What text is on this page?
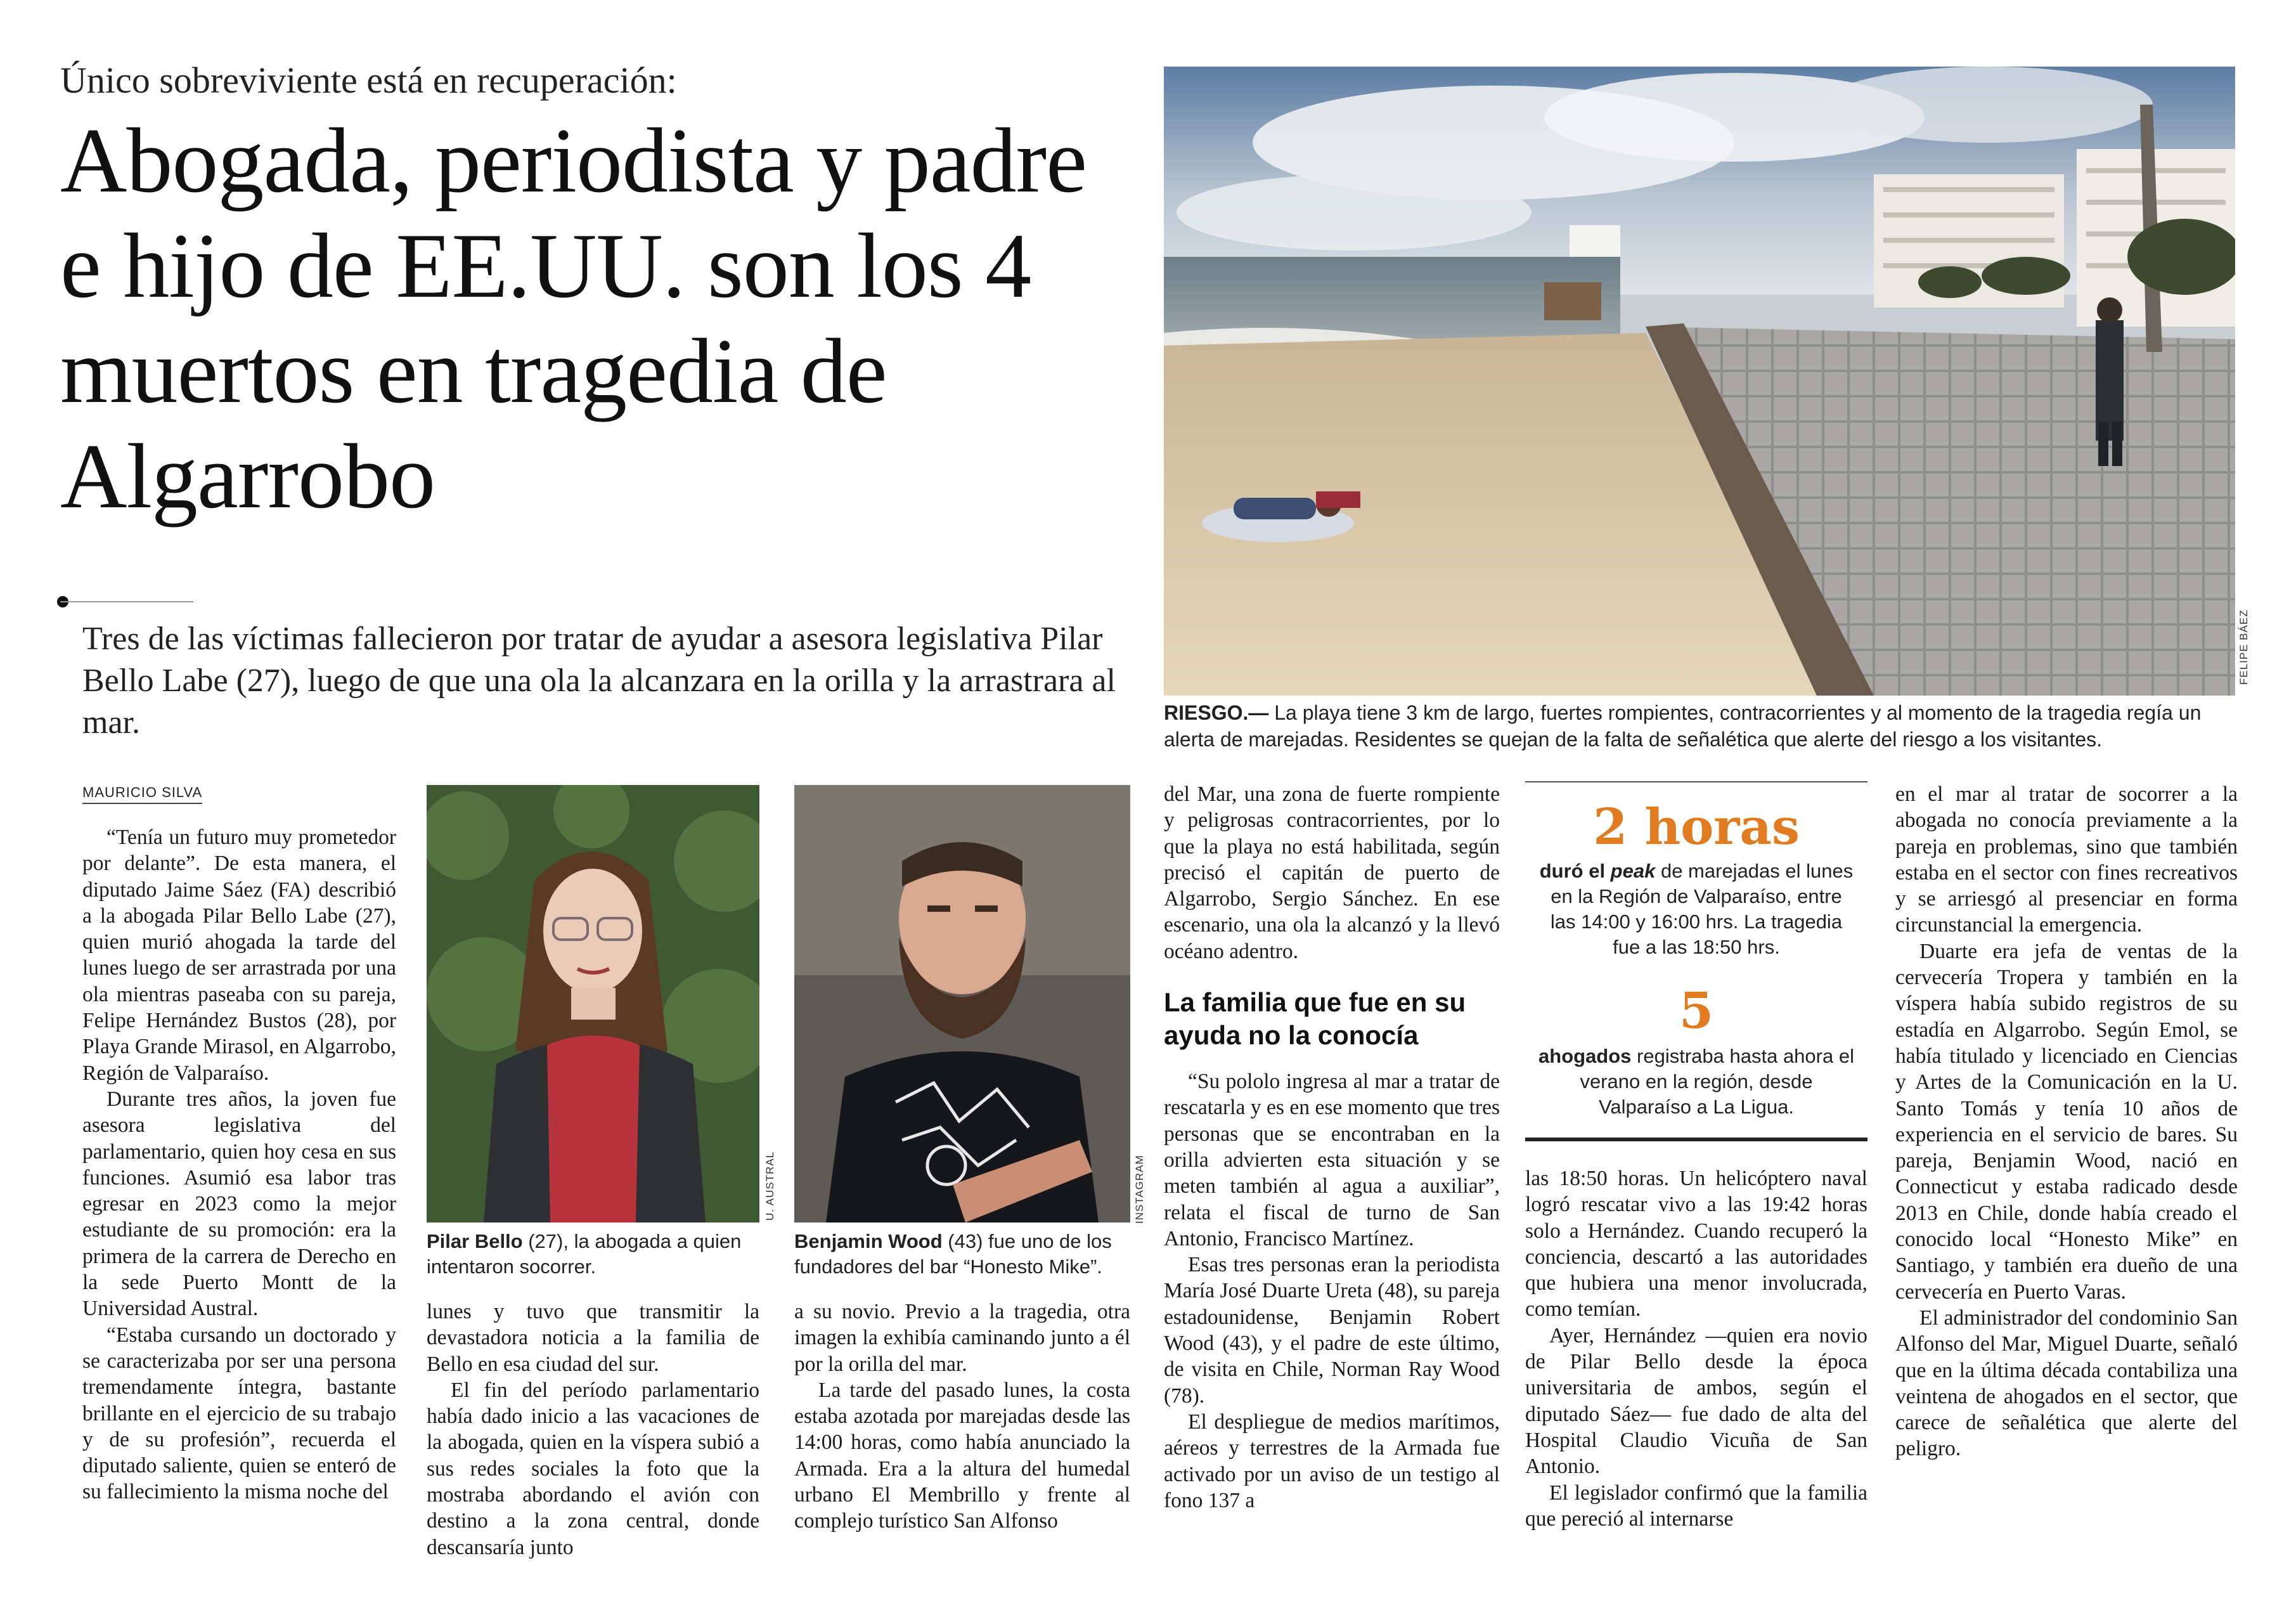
Único sobreviviente está en recuperación:
Abogada, periodista y padre e hijo de EE.UU. son los 4 muertos en tragedia de Algarrobo
Tres de las víctimas fallecieron por tratar de ayudar a asesora legislativa Pilar Bello Labe (27), luego de que una ola la alcanzara en la orilla y la arrastrara al mar.
FELIPE BÁEZ
RIESGO.— La playa tiene 3 km de largo, fuertes rompientes, contracorrientes y al momento de la tragedia regía un alerta de marejadas. Residentes se quejan de la falta de señalética que alerte del riesgo a los visitantes.
MAURICIO SILVA

“Tenía un futuro muy prometedor por delante”. De esta manera, el diputado Jaime Sáez (FA) describió a la abogada Pilar Bello Labe (27), quien murió ahogada la tarde del lunes luego de ser arrastrada por una ola mientras paseaba con su pareja, Felipe Hernández Bustos (28), por Playa Grande Mirasol, en Algarrobo, Región de Valparaíso.

Durante tres años, la joven fue asesora legislativa del parlamentario, quien hoy cesa en sus funciones. Asumió esa labor tras egresar en 2023 como la mejor estudiante de su promoción: era la primera de la carrera de Derecho en la sede Puerto Montt de la Universidad Austral.

“Estaba cursando un doctorado y se caracterizaba por ser una persona tremendamente íntegra, bastante brillante en el ejercicio de su trabajo y de su profesión”, recuerda el diputado saliente, quien se enteró de su fallecimiento la misma noche del

U. AUSTRAL
Pilar Bello (27), la abogada a quien intentaron socorrer.

lunes y tuvo que transmitir la devastadora noticia a la familia de Bello en esa ciudad del sur.

El fin del período parlamentario había dado inicio a las vacaciones de la abogada, quien en la víspera subió a sus redes sociales la foto que la mostraba abordando el avión con destino a la zona central, donde descansaría junto

INSTAGRAM
Benjamin Wood (43) fue uno de los fundadores del bar “Honesto Mike”.

a su novio. Previo a la tragedia, otra imagen la exhibía caminando junto a él por la orilla del mar.

La tarde del pasado lunes, la costa estaba azotada por marejadas desde las 14:00 horas, como había anunciado la Armada. Era a la altura del humedal urbano El Membrillo y frente al complejo turístico San Alfonso

del Mar, una zona de fuerte rompiente y peligrosas contracorrientes, por lo que la playa no está habilitada, según precisó el capitán de puerto de Algarrobo, Sergio Sánchez. En ese escenario, una ola la alcanzó y la llevó océano adentro.

La familia que fue en su ayuda no la conocía

“Su pololo ingresa al mar a tratar de rescatarla y es en ese momento que tres personas que se encontraban en la orilla advierten esta situación y se meten también al agua a auxiliar”, relata el fiscal de turno de San Antonio, Francisco Martínez.

Esas tres personas eran la periodista María José Duarte Ureta (48), su pareja estadounidense, Benjamin Robert Wood (43), y el padre de este último, de visita en Chile, Norman Ray Wood (78).

El despliegue de medios marítimos, aéreos y terrestres de la Armada fue activado por un aviso de un testigo al fono 137 a

2 horas
duró el peak de marejadas el lunes en la Región de Valparaíso, entre las 14:00 y 16:00 hrs. La tragedia fue a las 18:50 hrs.
5
ahogados registraba hasta ahora el verano en la región, desde Valparaíso a La Ligua.

las 18:50 horas. Un helicóptero naval logró rescatar vivo a las 19:42 horas solo a Hernández. Cuando recuperó la conciencia, descartó a las autoridades que hubiera una menor involucrada, como temían.

Ayer, Hernández —quien era novio de Pilar Bello desde la época universitaria de ambos, según el diputado Sáez— fue dado de alta del Hospital Claudio Vicuña de San Antonio.

El legislador confirmó que la familia que pereció al internarse

en el mar al tratar de socorrer a la abogada no conocía previamente a la pareja en problemas, sino que también estaba en el sector con fines recreativos y se arriesgó al presenciar en forma circunstancial la emergencia.

Duarte era jefa de ventas de la cervecería Tropera y también en la víspera había subido registros de su estadía en Algarrobo. Según Emol, se había titulado y licenciado en Ciencias y Artes de la Comunicación en la U. Santo Tomás y tenía 10 años de experiencia en el servicio de bares. Su pareja, Benjamin Wood, nació en Connecticut y estaba radicado desde 2013 en Chile, donde había creado el conocido local “Honesto Mike” en Santiago, y también era dueño de una cervecería en Puerto Varas.

El administrador del condominio San Alfonso del Mar, Miguel Duarte, señaló que en la última década contabiliza una veintena de ahogados en el sector, que carece de señalética que alerte del peligro.
